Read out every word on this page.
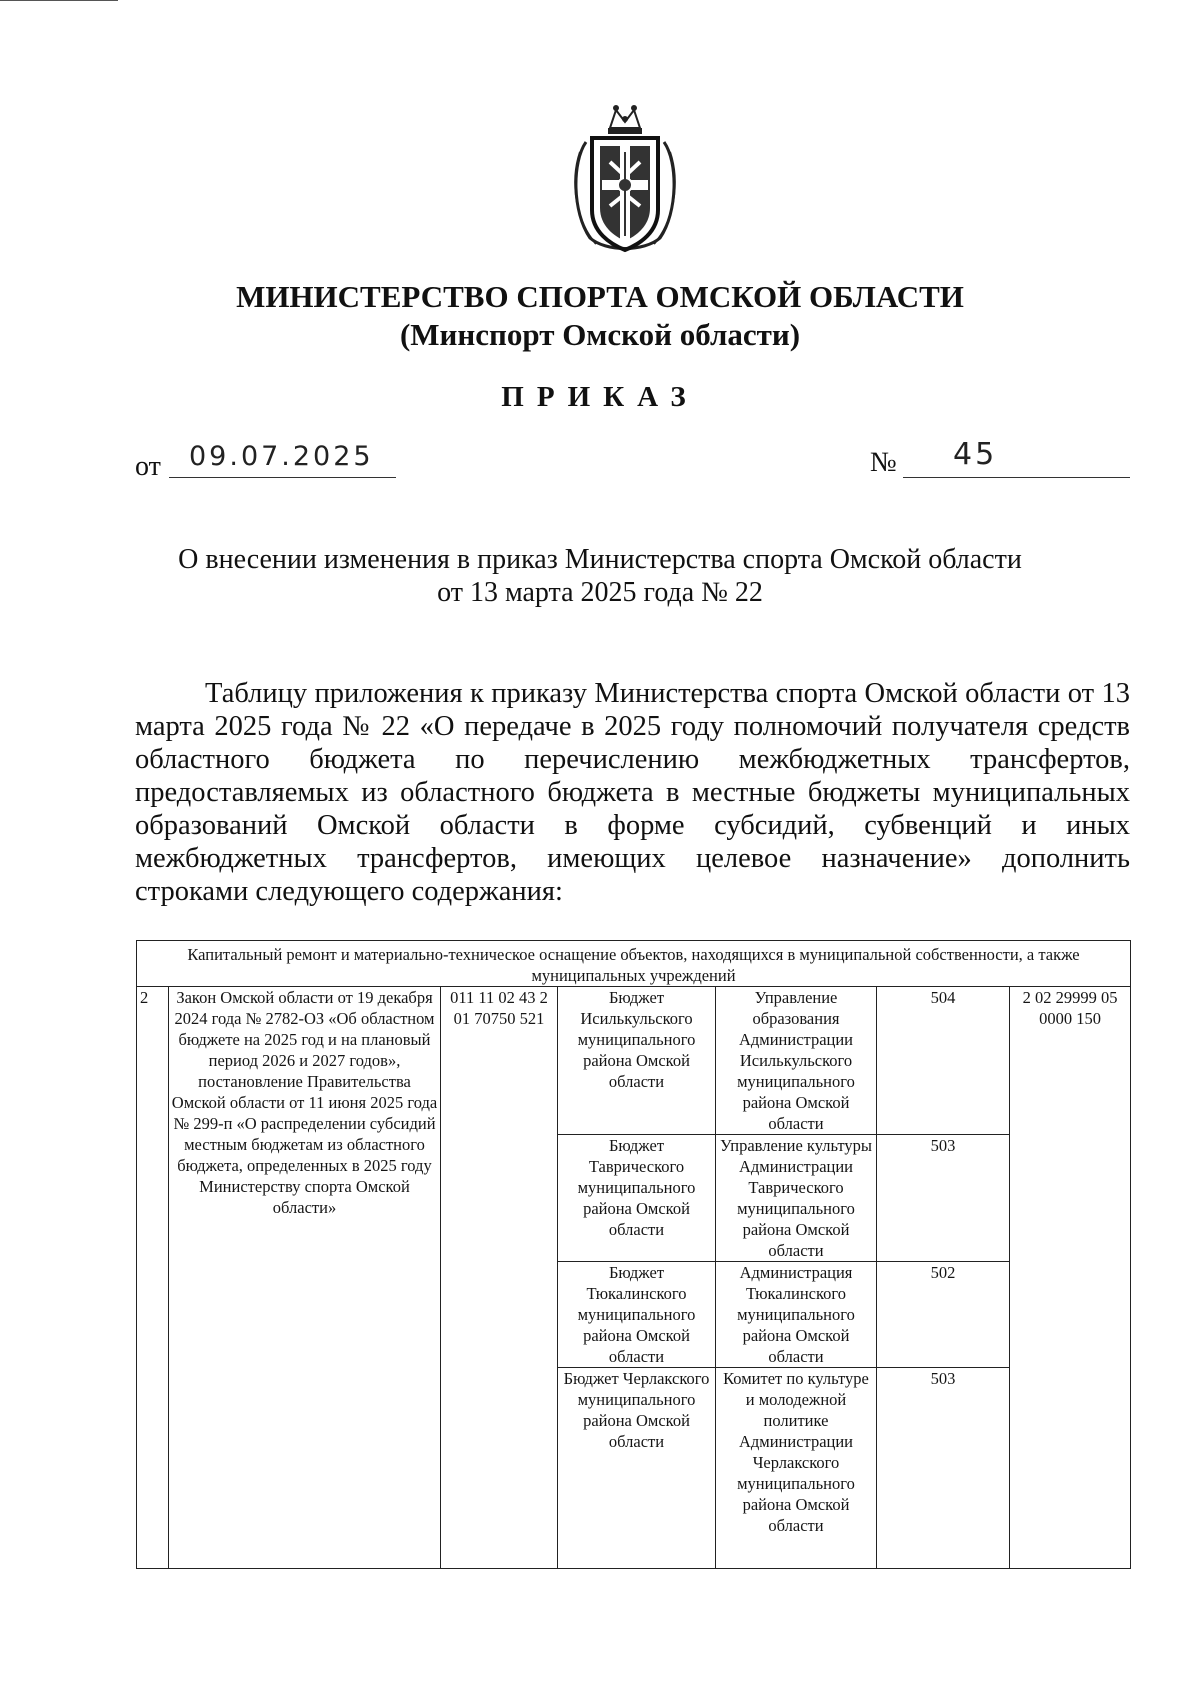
МИНИСТЕРСТВО СПОРТА ОМСКОЙ ОБЛАСТИ
(Минспорт Омской области)
ПРИКАЗ
от 09.07.2025	№ 45
О внесении изменения в приказ Министерства спорта Омской области
от 13 марта 2025 года № 22
Таблицу приложения к приказу Министерства спорта Омской области от 13 марта 2025 года № 22 «О передаче в 2025 году полномочий получателя средств областного бюджета по перечислению межбюджетных трансфертов, предоставляемых из областного бюджета в местные бюджеты муниципальных образований Омской области в форме субсидий, субвенций и иных межбюджетных трансфертов, имеющих целевое назначение» дополнить строками следующего содержания:
Капитальный ремонт и материально-техническое оснащение объектов, находящихся в муниципальной собственности, а также муниципальных учреждений						
2	Закон Омской области от 19 декабря 2024 года № 2782-ОЗ «Об областном бюджете на 2025 год и на плановый период 2026 и 2027 годов», постановление Правительства Омской области от 11 июня 2025 года № 299-п «О распределении субсидий местным бюджетам из областного бюджета, определенных в 2025 году Министерству спорта Омской области»	011 11 02 43 2 01 70750 521	Бюджет Исилькульского муниципального района Омской области	Управление образования Администрации Исилькульского муниципального района Омской области	504	2 02 29999 05 0000 150
			Бюджет Таврического муниципального района Омской области	Управление культуры Администрации Таврического муниципального района Омской области	503	
			Бюджет Тюкалинского муниципального района Омской области	Администрация Тюкалинского муниципального района Омской области	502	
			Бюджет Черлакского муниципального района Омской области	Комитет по культуре и молодежной политике Администрации Черлакского муниципального района Омской области	503	
